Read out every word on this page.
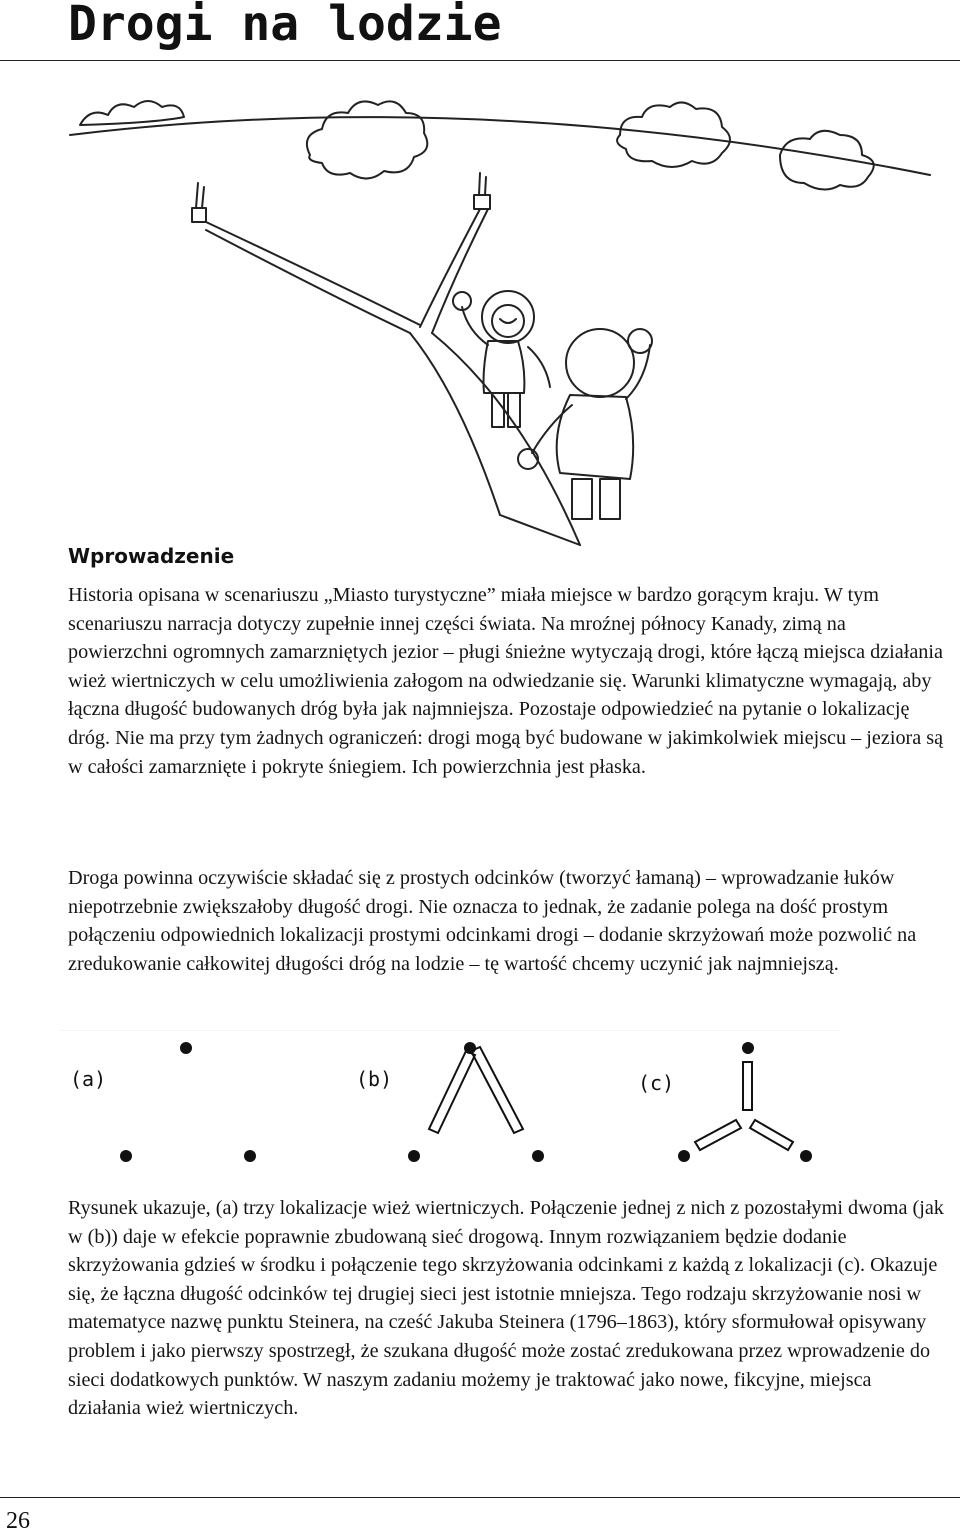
Drogi na lodzie
Wprowadzenie

Historia opisana w scenariuszu „Miasto turystyczne” miała miejsce w bardzo gorącym kraju. W tym scenariuszu narracja dotyczy zupełnie innej części świata. Na mroźnej północy Kanady, zimą na powierzchni ogromnych zamarzniętych jezior – pługi śnieżne wytyczają drogi, które łączą miejsca działania wież wiertniczych w celu umożliwienia załogom na odwiedzanie się. Warunki klimatyczne wymagają, aby łączna długość budowanych dróg była jak najmniejsza. Pozostaje odpowiedzieć na pytanie o lokalizację dróg. Nie ma przy tym żadnych ograniczeń: drogi mogą być budowane w jakimkolwiek miejscu – jeziora są w całości zamarznięte i pokryte śniegiem. Ich powierzchnia jest płaska.

Droga powinna oczywiście składać się z prostych odcinków (tworzyć łamaną) – wprowadzanie łuków niepotrzebnie zwiększałoby długość drogi. Nie oznacza to jednak, że zadanie polega na dość prostym połączeniu odpowiednich lokalizacji prostymi odcinkami drogi – dodanie skrzyżowań może pozwolić na zredukowanie całkowitej długości dróg na lodzie – tę wartość chcemy uczynić jak najmniejszą.

(a)	(b)	(c)

Rysunek ukazuje, (a) trzy lokalizacje wież wiertniczych. Połączenie jednej z nich z pozostałymi dwoma (jak w (b)) daje w efekcie poprawnie zbudowaną sieć drogową. Innym rozwiązaniem będzie dodanie skrzyżowania gdzieś w środku i połączenie tego skrzyżowania odcinkami z każdą z lokalizacji (c). Okazuje się, że łączna długość odcinków tej drugiej sieci jest istotnie mniejsza. Tego rodzaju skrzyżowanie nosi w matematyce nazwę punktu Steinera, na cześć Jakuba Steinera (1796–1863), który sformułował opisywany problem i jako pierwszy spostrzegł, że szukana długość może zostać zredukowana przez wprowadzenie do sieci dodatkowych punktów. W naszym zadaniu możemy je traktować jako nowe, fikcyjne, miejsca działania wież wiertniczych.

26
